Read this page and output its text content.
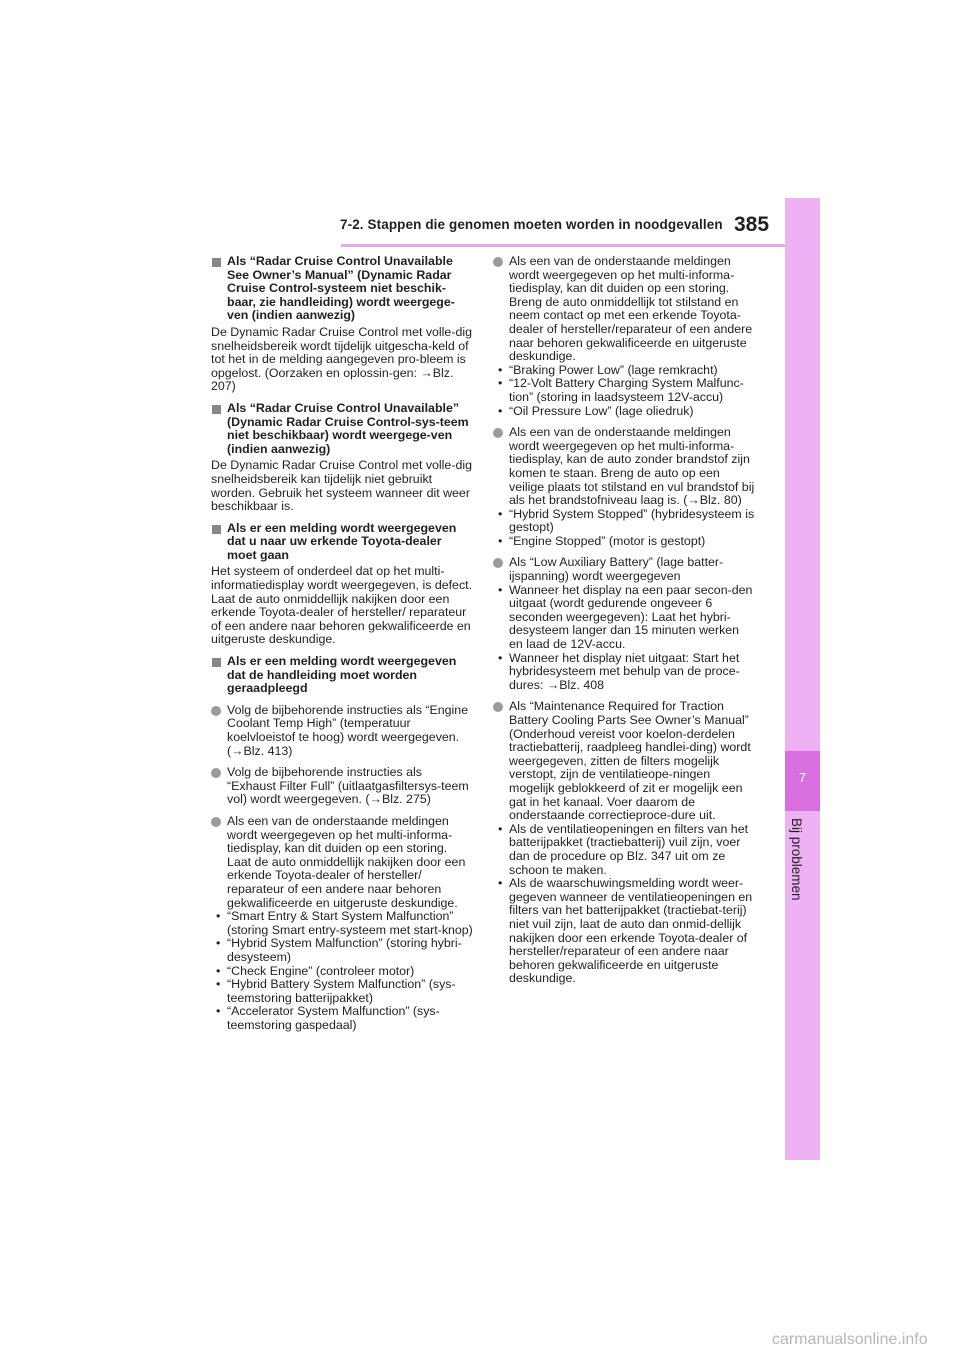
7-2. Stappen die genomen moeten worden in noodgevallen 385
7
Bij problemen
Als “Radar Cruise Control Unavailable See Owner’s Manual” (Dynamic Radar Cruise Control-systeem niet beschik-baar, zie handleiding) wordt weergege-ven (indien aanwezig)

De Dynamic Radar Cruise Control met volle-dig snelheidsbereik wordt tijdelijk uitgescha-keld of tot het in de melding aangegeven pro-bleem is opgelost. (Oorzaken en oplossin-gen: →Blz. 207)

Als “Radar Cruise Control Unavailable” (Dynamic Radar Cruise Control-sys-teem niet beschikbaar) wordt weergege-ven (indien aanwezig)

De Dynamic Radar Cruise Control met volle-dig snelheidsbereik kan tijdelijk niet gebruikt worden. Gebruik het systeem wanneer dit weer beschikbaar is.

Als er een melding wordt weergegeven dat u naar uw erkende Toyota-dealer moet gaan

Het systeem of onderdeel dat op het multi-informatiedisplay wordt weergegeven, is defect. Laat de auto onmiddellijk nakijken door een erkende Toyota-dealer of hersteller/ reparateur of een andere naar behoren gekwalificeerde en uitgeruste deskundige.

Als er een melding wordt weergegeven dat de handleiding moet worden geraadpleegd
Volg de bijbehorende instructies als “Engine Coolant Temp High” (temperatuur koelvloeistof te hoog) wordt weergegeven. (→Blz. 413)
Volg de bijbehorende instructies als “Exhaust Filter Full” (uitlaatgasfiltersys-teem vol) wordt weergegeven. (→Blz. 275)
Als een van de onderstaande meldingen wordt weergegeven op het multi-informa-tiedisplay, kan dit duiden op een storing. Laat de auto onmiddellijk nakijken door een erkende Toyota-dealer of hersteller/ reparateur of een andere naar behoren gekwalificeerde en uitgeruste deskundige.
• “Smart Entry & Start System Malfunction” (storing Smart entry-systeem met start-knop)
• “Hybrid System Malfunction” (storing hybri-desysteem)
• “Check Engine” (controleer motor)
• “Hybrid Battery System Malfunction” (sys-teemstoring batterijpakket)
• “Accelerator System Malfunction” (sys-teemstoring gaspedaal)
Als een van de onderstaande meldingen wordt weergegeven op het multi-informa-tiedisplay, kan dit duiden op een storing. Breng de auto onmiddellijk tot stilstand en neem contact op met een erkende Toyota-dealer of hersteller/reparateur of een andere naar behoren gekwalificeerde en uitgeruste deskundige.
• “Braking Power Low” (lage remkracht)
• “12-Volt Battery Charging System Malfunc-tion” (storing in laadsysteem 12V-accu)
• “Oil Pressure Low” (lage oliedruk)
Als een van de onderstaande meldingen wordt weergegeven op het multi-informa-tiedisplay, kan de auto zonder brandstof zijn komen te staan. Breng de auto op een veilige plaats tot stilstand en vul brandstof bij als het brandstofniveau laag is. (→Blz. 80)
• “Hybrid System Stopped” (hybridesysteem is gestopt)
• “Engine Stopped” (motor is gestopt)
Als “Low Auxiliary Battery” (lage batter-ijspanning) wordt weergegeven
• Wanneer het display na een paar secon-den uitgaat (wordt gedurende ongeveer 6 seconden weergegeven): Laat het hybri-desysteem langer dan 15 minuten werken en laad de 12V-accu.
• Wanneer het display niet uitgaat: Start het hybridesysteem met behulp van de proce-dures: →Blz. 408
Als “Maintenance Required for Traction Battery Cooling Parts See Owner’s Manual” (Onderhoud vereist voor koelon-derdelen tractiebatterij, raadpleeg handlei-ding) wordt weergegeven, zitten de filters mogelijk verstopt, zijn de ventilatieope-ningen mogelijk geblokkeerd of zit er mogelijk een gat in het kanaal. Voer daarom de onderstaande correctieproce-dure uit.
• Als de ventilatieopeningen en filters van het batterijpakket (tractiebatterij) vuil zijn, voer dan de procedure op Blz. 347 uit om ze schoon te maken.
• Als de waarschuwingsmelding wordt weer-gegeven wanneer de ventilatieopeningen en filters van het batterijpakket (tractiebat-terij) niet vuil zijn, laat de auto dan onmid-dellijk nakijken door een erkende Toyota-dealer of hersteller/reparateur of een andere naar behoren gekwalificeerde en uitgeruste deskundige.
carmanualsonline.info
